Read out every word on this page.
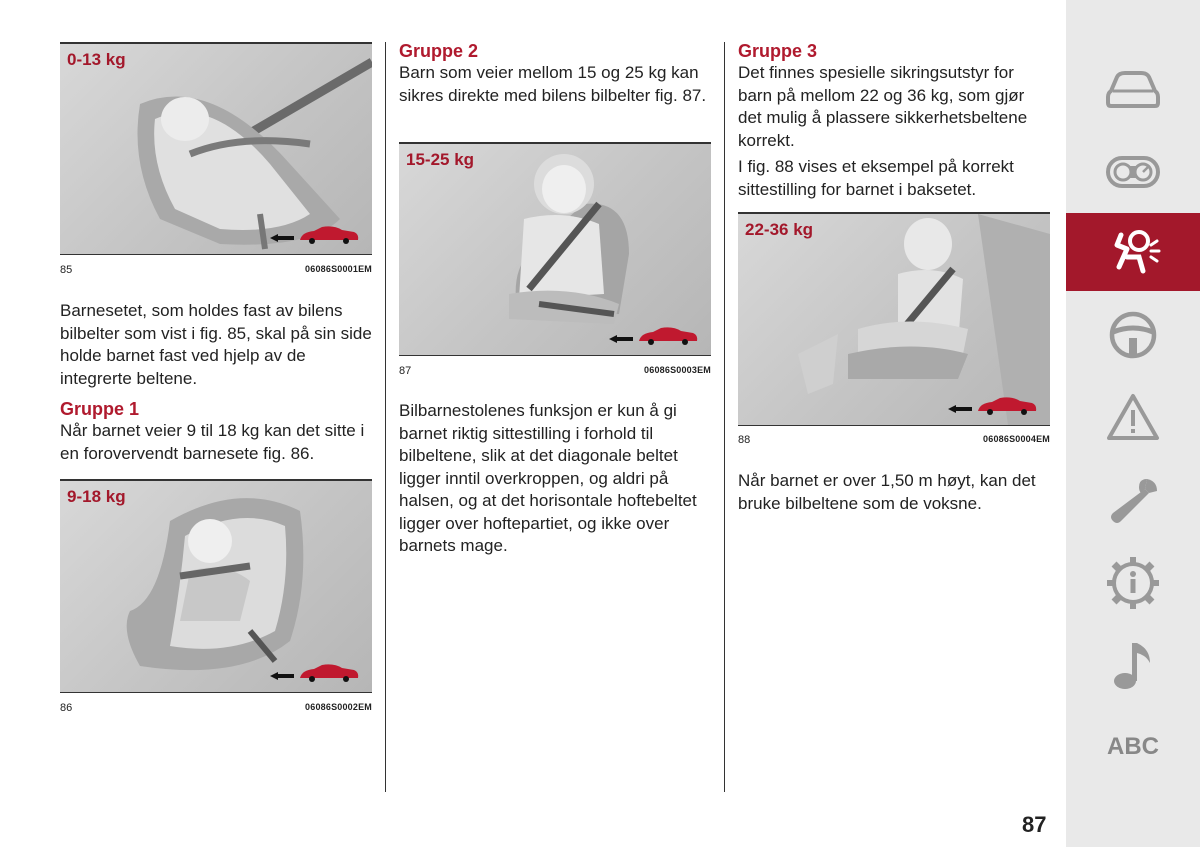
0-13 kg
85	06086S0001EM

Barnesetet, som holdes fast av bilens bilbelter som vist i fig. 85, skal på sin side holde barnet fast ved hjelp av de integrerte beltene.

Gruppe 1

Når barnet veier 9 til 18 kg kan det sitte i en forovervendt barnesete fig. 86.

9-18 kg
86	06086S0002EM

Gruppe 2

Barn som veier mellom 15 og 25 kg kan sikres direkte med bilens bilbelter fig. 87.

15-25 kg
87	06086S0003EM

Bilbarnestolenes funksjon er kun å gi barnet riktig sittestilling i forhold til bilbeltene, slik at det diagonale beltet ligger inntil overkroppen, og aldri på halsen, og at det horisontale hoftebeltet ligger over hoftepartiet, og ikke over barnets mage.

Gruppe 3

Det finnes spesielle sikringsutstyr for barn på mellom 22 og 36 kg, som gjør det mulig å plassere sikkerhetsbeltene korrekt.

I fig. 88 vises et eksempel på korrekt sittestilling for barnet i baksetet.

22-36 kg
88	06086S0004EM

Når barnet er over 1,50 m høyt, kan det bruke bilbeltene som de voksne.

ABC
87
